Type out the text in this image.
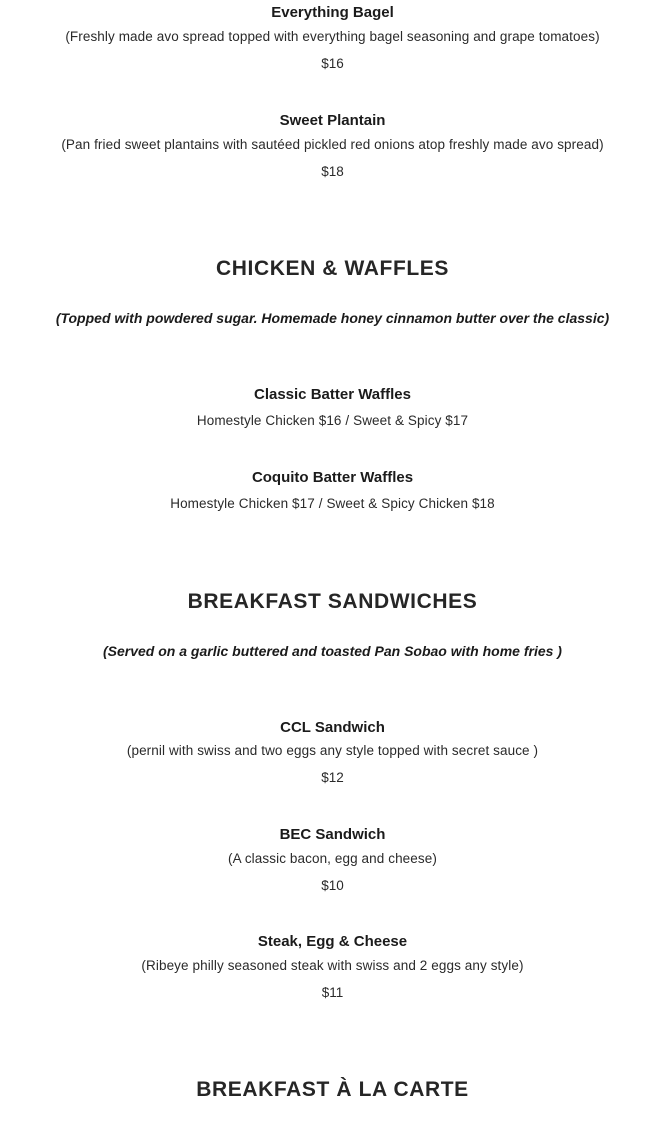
Everything Bagel
(Freshly made avo spread topped with everything bagel seasoning and grape tomatoes)
$16
Sweet Plantain
(Pan fried sweet plantains with sautéed pickled red onions atop freshly made avo spread)
$18
CHICKEN & WAFFLES
(Topped with powdered sugar. Homemade honey cinnamon butter over the classic)
Classic Batter Waffles
Homestyle Chicken $16 / Sweet & Spicy $17
Coquito Batter Waffles
Homestyle Chicken $17 / Sweet & Spicy Chicken $18
BREAKFAST SANDWICHES
(Served on a garlic buttered and toasted Pan Sobao with home fries )
CCL Sandwich
(pernil with swiss and two eggs any style topped with secret sauce )
$12
BEC Sandwich
(A classic bacon, egg and cheese)
$10
Steak, Egg & Cheese
(Ribeye philly seasoned steak with swiss and 2 eggs any style)
$11
BREAKFAST À LA CARTE
